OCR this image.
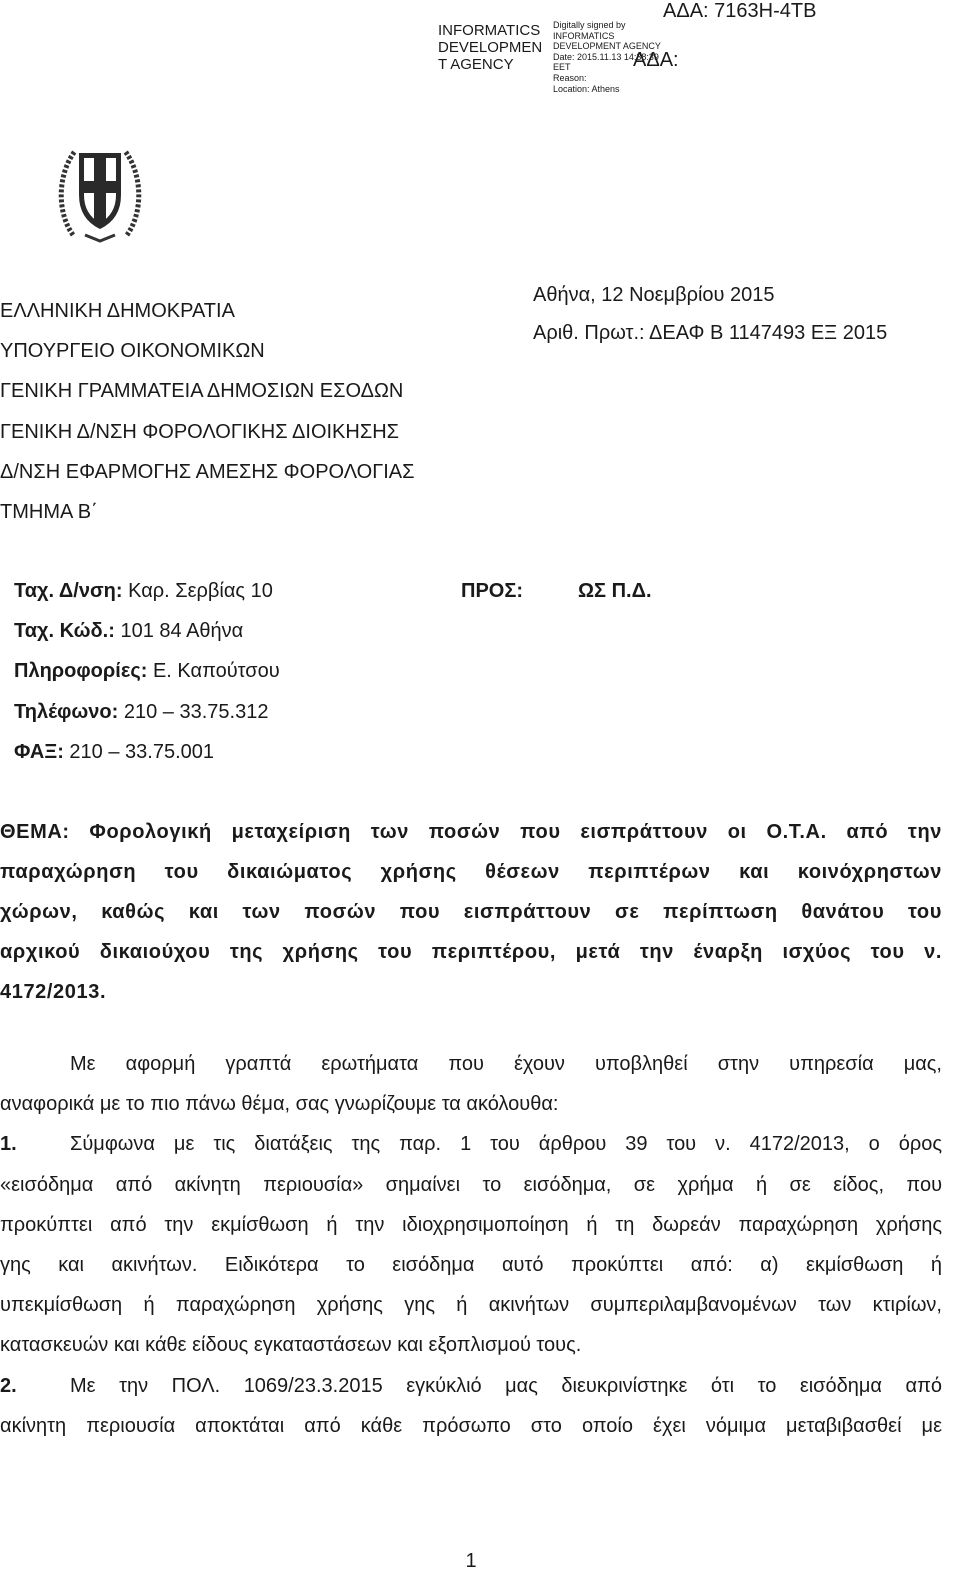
INFORMATICS
DEVELOPMEN
T AGENCY
Digitally signed by
INFORMATICS
DEVELOPMENT AGENCY
Date: 2015.11.13 14:38:39
EET
Reason:
Location: Athens
ΑΔΑ: 7163Η-4ΤΒ
ΑΔΑ:
ΕΛΛΗΝΙΚΗ ΔΗΜΟΚΡΑΤΙΑ
ΥΠΟΥΡΓΕΙΟ ΟΙΚΟΝΟΜΙΚΩΝ
ΓΕΝΙΚΗ ΓΡΑΜΜΑΤΕΙΑ ΔΗΜΟΣΙΩΝ ΕΣΟΔΩΝ
ΓΕΝΙΚΗ Δ/ΝΣΗ ΦΟΡΟΛΟΓΙΚΗΣ ΔΙΟΙΚΗΣΗΣ
Δ/ΝΣΗ ΕΦΑΡΜΟΓΗΣ ΑΜΕΣΗΣ ΦΟΡΟΛΟΓΙΑΣ
ΤΜΗΜΑ Β΄
Αθήνα, 12 Νοεμβρίου 2015
Αριθ. Πρωτ.: ΔΕΑΦ Β 1147493 ΕΞ 2015
Ταχ. Δ/νση: Καρ. Σερβίας 10
Ταχ. Κώδ.: 101 84 Αθήνα
Πληροφορίες: Ε. Καπούτσου
Τηλέφωνο: 210 – 33.75.312
ΦΑΞ: 210 – 33.75.001
ΠΡΟΣ:	ΩΣ Π.Δ.
ΘΕΜΑ: Φορολογική μεταχείριση των ποσών που εισπράττουν οι Ο.Τ.Α. από την
παραχώρηση του δικαιώματος χρήσης θέσεων περιπτέρων και κοινόχρηστων
χώρων, καθώς και των ποσών που εισπράττουν σε περίπτωση θανάτου του
αρχικού δικαιούχου της χρήσης του περιπτέρου, μετά την έναρξη ισχύος του ν.
4172/2013.
Με αφορμή γραπτά ερωτήματα που έχουν υποβληθεί στην υπηρεσία μας,
αναφορικά με το πιο πάνω θέμα, σας γνωρίζουμε τα ακόλουθα:
1.	Σύμφωνα με τις διατάξεις της παρ. 1 του άρθρου 39 του ν. 4172/2013, ο όρος
«εισόδημα από ακίνητη περιουσία» σημαίνει το εισόδημα, σε χρήμα ή σε είδος, που
προκύπτει από την εκμίσθωση ή την ιδιοχρησιμοποίηση ή τη δωρεάν παραχώρηση χρήσης
γης και ακινήτων. Ειδικότερα το εισόδημα αυτό προκύπτει από: α) εκμίσθωση ή
υπεκμίσθωση ή παραχώρηση χρήσης γης ή ακινήτων συμπεριλαμβανομένων των κτιρίων,
κατασκευών και κάθε είδους εγκαταστάσεων και εξοπλισμού τους.
2.	Με την ΠΟΛ. 1069/23.3.2015 εγκύκλιό μας διευκρινίστηκε ότι το εισόδημα από
ακίνητη περιουσία αποκτάται από κάθε πρόσωπο στο οποίο έχει νόμιμα μεταβιβασθεί με
1
